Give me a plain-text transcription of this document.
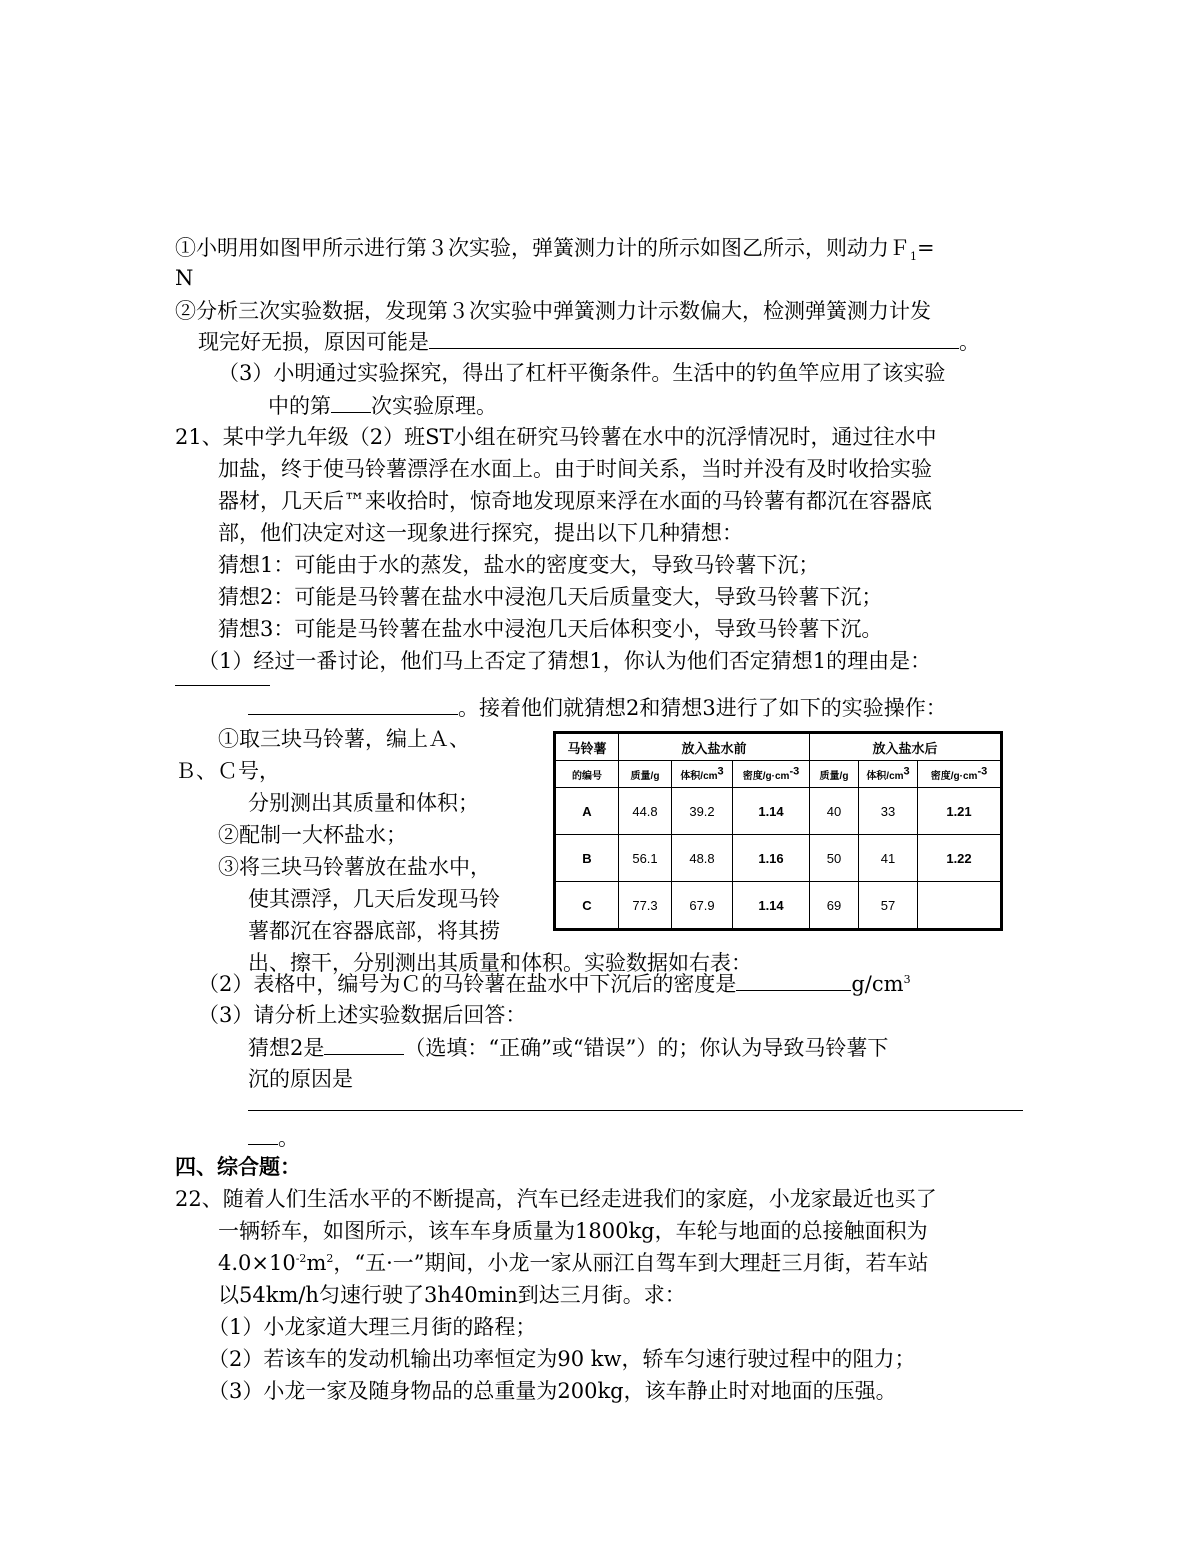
①小明用如图甲所示进行第３次实验，弹簧测力计的所示如图乙所示，则动力Ｆ$_1$=
N
②分析三次实验数据，发现第３次实验中弹簧测力计示数偏大，检测弹簧测力计发
现完好无损，原因可能是	。
（3）小明通过实验探究，得出了杠杆平衡条件。生活中的钓鱼竿应用了该实验
中的第 次实验原理。
21、某中学九年级（2）班ST小组在研究马铃薯在水中的沉浮情况时，通过往水中
加盐，终于使马铃薯漂浮在水面上。由于时间关系，当时并没有及时收拾实验
器材，几天后™来收拾时，惊奇地发现原来浮在水面的马铃薯有都沉在容器底
部，他们决定对这一现象进行探究，提出以下几种猜想：
猜想1：可能由于水的蒸发，盐水的密度变大，导致马铃薯下沉；
猜想2：可能是马铃薯在盐水中浸泡几天后质量变大，导致马铃薯下沉；
猜想3：可能是马铃薯在盐水中浸泡几天后体积变小，导致马铃薯下沉。
（1）经过一番讨论，他们马上否定了猜想1，你认为他们否定猜想1的理由是：
。接着他们就猜想2和猜想3进行了如下的实验操作：
①取三块马铃薯，编上Ａ、
Ｂ、Ｃ号，
分别测出其质量和体积；
②配制一大杯盐水；
③将三块马铃薯放在盐水中，
使其漂浮，几天后发现马铃
薯都沉在容器底部，将其捞
出、擦干，分别测出其质量和体积。实验数据如右表：
马铃薯	放入盐水前			放入盐水后		
的编号	质量/g	体积$/cm^3$	密度$/g\cdot cm^{-3}$	质量/g	体积$/cm^3$	密度$/g\cdot cm^{-3}$
A	44.8	39.2	1.14	40	33	1.21
B	56.1	48.8	1.16	50	41	1.22
C	77.3	67.9	1.14	69	57	
（2）表格中，编号为Ｃ的马铃薯在盐水中下沉后的密度是	$g/cm^3$
（3）请分析上述实验数据后回答：
猜想2是	（选填：“正确”或“错误”）的；你认为导致马铃薯下
沉的原因是
。
四、综合题：
22、随着人们生活水平的不断提高，汽车已经走进我们的家庭，小龙家最近也买了
一辆轿车，如图所示，该车车身质量为1800kg，车轮与地面的总接触面积为
$4.0\times 10^{-2}m^2$，“五·一”期间，小龙一家从丽江自驾车到大理赶三月街，若车站
以54km/h匀速行驶了3h40min到达三月街。求：
（1）小龙家道大理三月街的路程；
（2）若该车的发动机输出功率恒定为90 kw，轿车匀速行驶过程中的阻力；
（3）小龙一家及随身物品的总重量为200kg，该车静止时对地面的压强。
